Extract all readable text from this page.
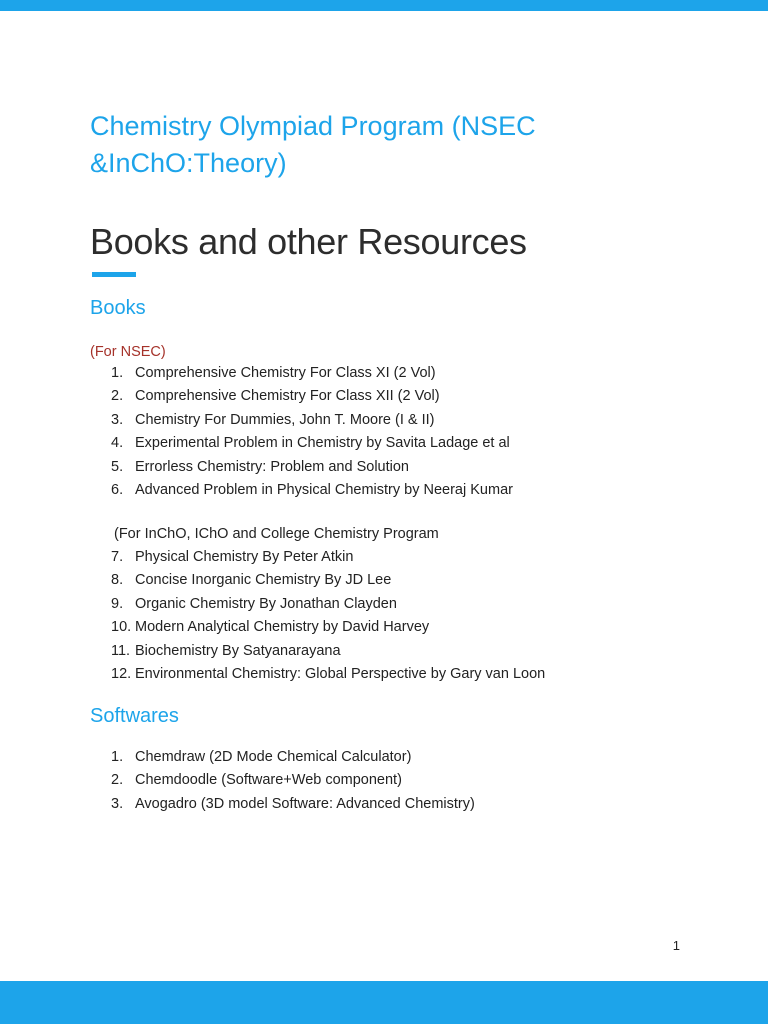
Chemistry Olympiad Program (NSEC &InChO:Theory)
Books and other Resources
Books
(For NSEC)
1. Comprehensive Chemistry For Class XI (2 Vol)
2. Comprehensive Chemistry For Class XII (2 Vol)
3. Chemistry For Dummies, John T. Moore (I & II)
4. Experimental Problem in Chemistry by Savita Ladage et al
5. Errorless Chemistry: Problem and Solution
6. Advanced Problem in Physical Chemistry by Neeraj Kumar
(For InChO, IChO and College Chemistry Program
7. Physical Chemistry By Peter Atkin
8. Concise Inorganic Chemistry By JD Lee
9. Organic Chemistry By Jonathan Clayden
10. Modern Analytical Chemistry by David Harvey
11. Biochemistry By Satyanarayana
12. Environmental Chemistry: Global Perspective by Gary van Loon
Softwares
1. Chemdraw (2D Mode Chemical Calculator)
2. Chemdoodle (Software+Web component)
3. Avogadro (3D model Software: Advanced Chemistry)
1
